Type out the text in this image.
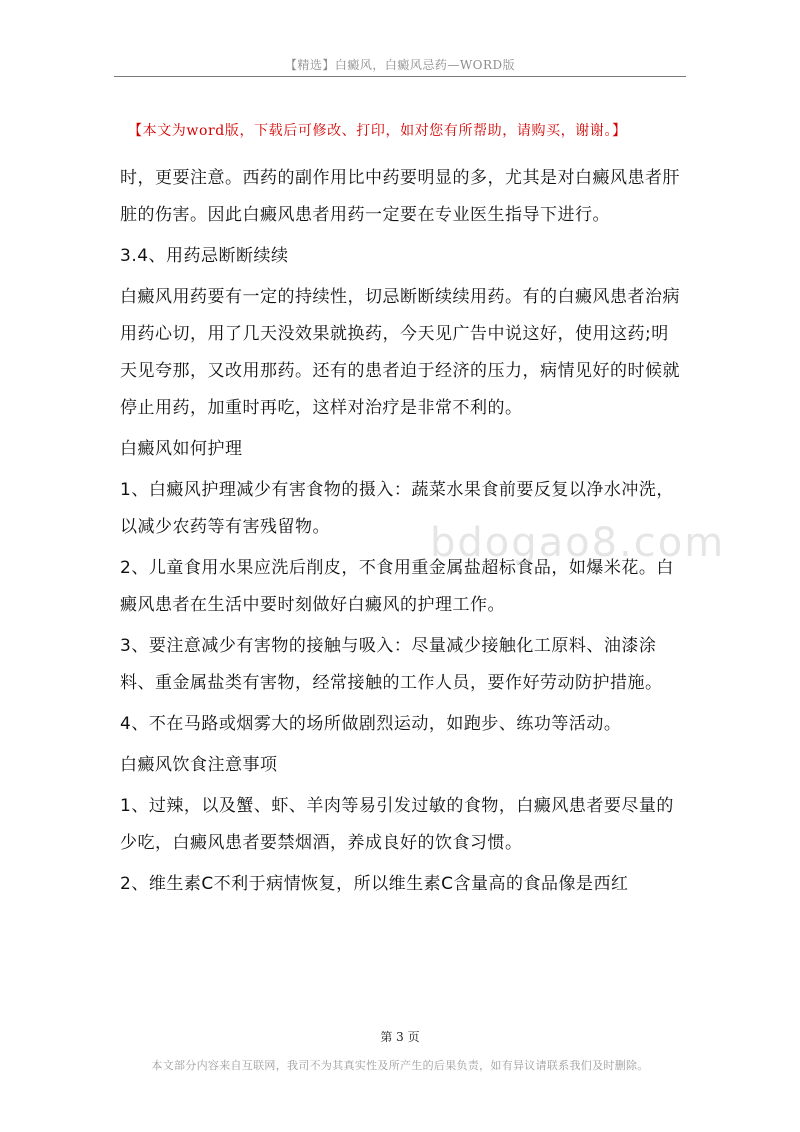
【精选】白癜风，白癜风忌药—WORD版
【本文为word版，下载后可修改、打印，如对您有所帮助，请购买，谢谢。】

时，更要注意。西药的副作用比中药要明显的多，尤其是对白癜风患者肝脏的伤害。因此白癜风患者用药一定要在专业医生指导下进行。

3.4、用药忌断断续续

白癜风用药要有一定的持续性，切忌断断续续用药。有的白癜风患者治病用药心切，用了几天没效果就换药，今天见广告中说这好，使用这药;明天见夸那，又改用那药。还有的患者迫于经济的压力，病情见好的时候就停止用药，加重时再吃，这样对治疗是非常不利的。

白癜风如何护理

1、白癜风护理减少有害食物的摄入：蔬菜水果食前要反复以净水冲洗，以减少农药等有害残留物。

2、儿童食用水果应洗后削皮，不食用重金属盐超标食品，如爆米花。白癜风患者在生活中要时刻做好白癜风的护理工作。

3、要注意减少有害物的接触与吸入：尽量减少接触化工原料、油漆涂料、重金属盐类有害物，经常接触的工作人员，要作好劳动防护措施。

4、不在马路或烟雾大的场所做剧烈运动，如跑步、练功等活动。

白癜风饮食注意事项

1、过辣，以及蟹、虾、羊肉等易引发过敏的食物，白癜风患者要尽量的少吃，白癜风患者要禁烟酒，养成良好的饮食习惯。

2、维生素C不利于病情恢复，所以维生素C含量高的食品像是西红

bdogao8.com
第 3 页
本文部分内容来自互联网，我司不为其真实性及所产生的后果负责，如有异议请联系我们及时删除。
